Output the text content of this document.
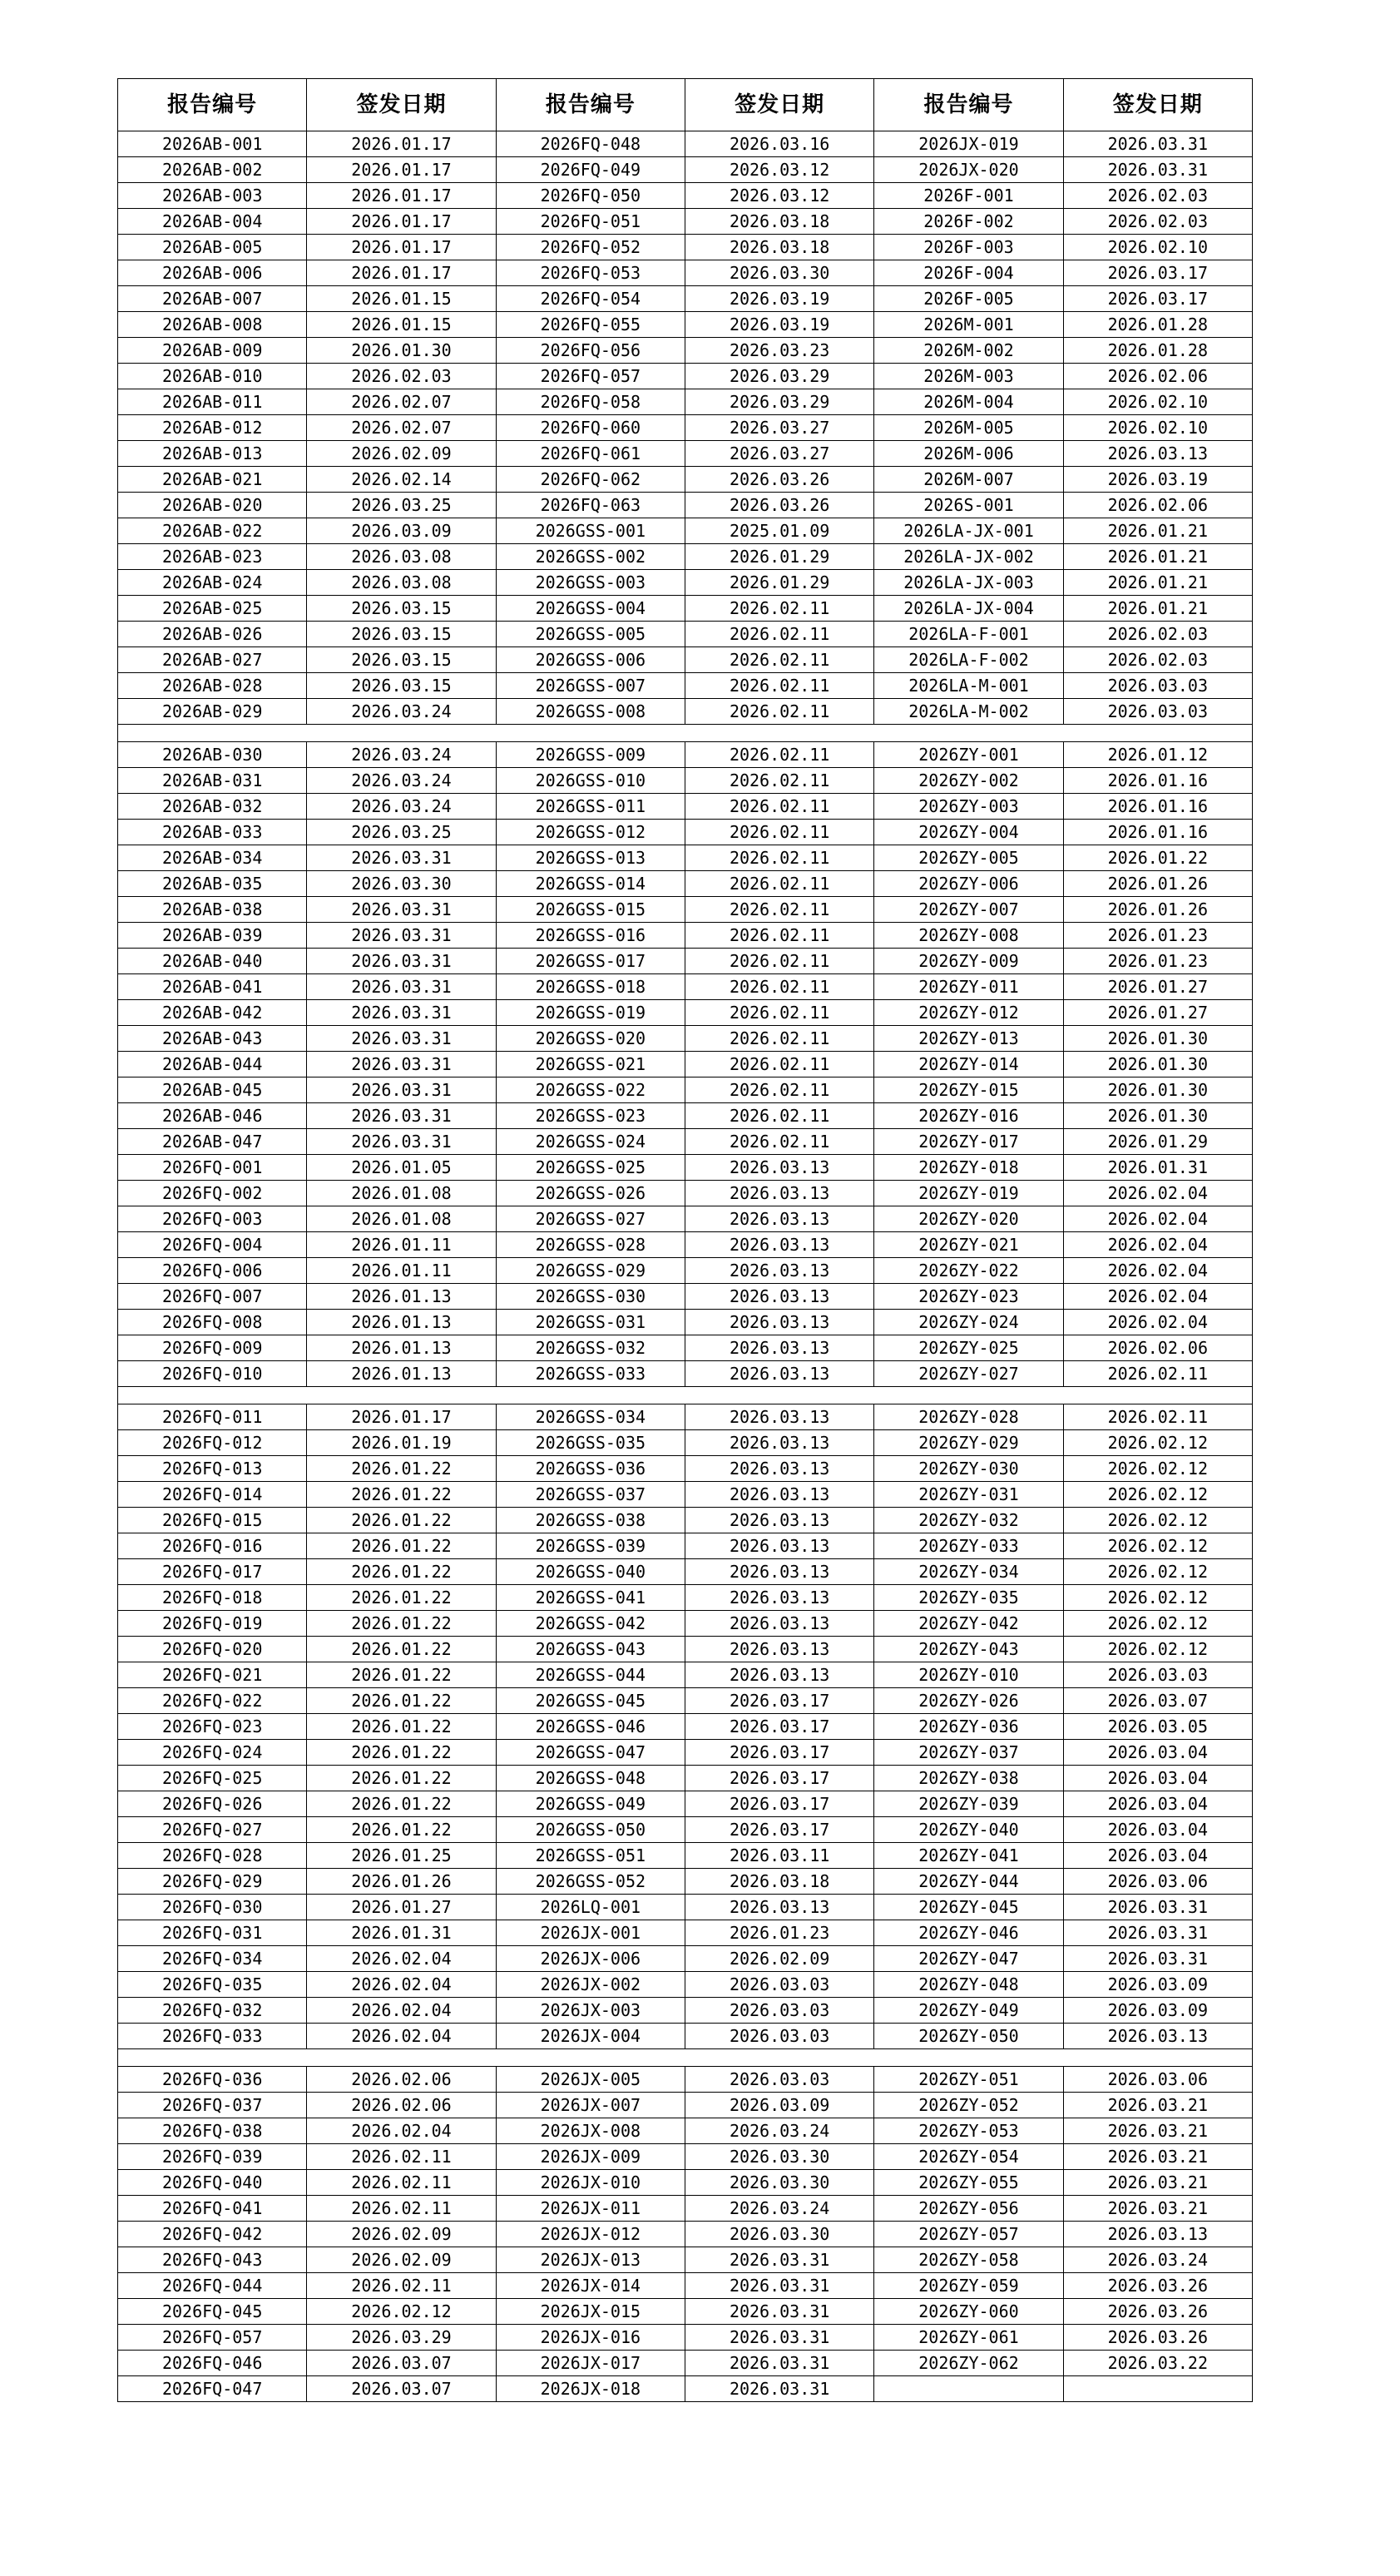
报告编号	签发日期	报告编号	签发日期	报告编号	签发日期
2026AB-001	2026.01.17	2026FQ-048	2026.03.16	2026JX-019	2026.03.31
2026AB-002	2026.01.17	2026FQ-049	2026.03.12	2026JX-020	2026.03.31
2026AB-003	2026.01.17	2026FQ-050	2026.03.12	2026F-001	2026.02.03
2026AB-004	2026.01.17	2026FQ-051	2026.03.18	2026F-002	2026.02.03
2026AB-005	2026.01.17	2026FQ-052	2026.03.18	2026F-003	2026.02.10
2026AB-006	2026.01.17	2026FQ-053	2026.03.30	2026F-004	2026.03.17
2026AB-007	2026.01.15	2026FQ-054	2026.03.19	2026F-005	2026.03.17
2026AB-008	2026.01.15	2026FQ-055	2026.03.19	2026M-001	2026.01.28
2026AB-009	2026.01.30	2026FQ-056	2026.03.23	2026M-002	2026.01.28
2026AB-010	2026.02.03	2026FQ-057	2026.03.29	2026M-003	2026.02.06
2026AB-011	2026.02.07	2026FQ-058	2026.03.29	2026M-004	2026.02.10
2026AB-012	2026.02.07	2026FQ-060	2026.03.27	2026M-005	2026.02.10
2026AB-013	2026.02.09	2026FQ-061	2026.03.27	2026M-006	2026.03.13
2026AB-021	2026.02.14	2026FQ-062	2026.03.26	2026M-007	2026.03.19
2026AB-020	2026.03.25	2026FQ-063	2026.03.26	2026S-001	2026.02.06
2026AB-022	2026.03.09	2026GSS-001	2025.01.09	2026LA-JX-001	2026.01.21
2026AB-023	2026.03.08	2026GSS-002	2026.01.29	2026LA-JX-002	2026.01.21
2026AB-024	2026.03.08	2026GSS-003	2026.01.29	2026LA-JX-003	2026.01.21
2026AB-025	2026.03.15	2026GSS-004	2026.02.11	2026LA-JX-004	2026.01.21
2026AB-026	2026.03.15	2026GSS-005	2026.02.11	2026LA-F-001	2026.02.03
2026AB-027	2026.03.15	2026GSS-006	2026.02.11	2026LA-F-002	2026.02.03
2026AB-028	2026.03.15	2026GSS-007	2026.02.11	2026LA-M-001	2026.03.03
2026AB-029	2026.03.24	2026GSS-008	2026.02.11	2026LA-M-002	2026.03.03

2026AB-030	2026.03.24	2026GSS-009	2026.02.11	2026ZY-001	2026.01.12
2026AB-031	2026.03.24	2026GSS-010	2026.02.11	2026ZY-002	2026.01.16
2026AB-032	2026.03.24	2026GSS-011	2026.02.11	2026ZY-003	2026.01.16
2026AB-033	2026.03.25	2026GSS-012	2026.02.11	2026ZY-004	2026.01.16
2026AB-034	2026.03.31	2026GSS-013	2026.02.11	2026ZY-005	2026.01.22
2026AB-035	2026.03.30	2026GSS-014	2026.02.11	2026ZY-006	2026.01.26
2026AB-038	2026.03.31	2026GSS-015	2026.02.11	2026ZY-007	2026.01.26
2026AB-039	2026.03.31	2026GSS-016	2026.02.11	2026ZY-008	2026.01.23
2026AB-040	2026.03.31	2026GSS-017	2026.02.11	2026ZY-009	2026.01.23
2026AB-041	2026.03.31	2026GSS-018	2026.02.11	2026ZY-011	2026.01.27
2026AB-042	2026.03.31	2026GSS-019	2026.02.11	2026ZY-012	2026.01.27
2026AB-043	2026.03.31	2026GSS-020	2026.02.11	2026ZY-013	2026.01.30
2026AB-044	2026.03.31	2026GSS-021	2026.02.11	2026ZY-014	2026.01.30
2026AB-045	2026.03.31	2026GSS-022	2026.02.11	2026ZY-015	2026.01.30
2026AB-046	2026.03.31	2026GSS-023	2026.02.11	2026ZY-016	2026.01.30
2026AB-047	2026.03.31	2026GSS-024	2026.02.11	2026ZY-017	2026.01.29
2026FQ-001	2026.01.05	2026GSS-025	2026.03.13	2026ZY-018	2026.01.31
2026FQ-002	2026.01.08	2026GSS-026	2026.03.13	2026ZY-019	2026.02.04
2026FQ-003	2026.01.08	2026GSS-027	2026.03.13	2026ZY-020	2026.02.04
2026FQ-004	2026.01.11	2026GSS-028	2026.03.13	2026ZY-021	2026.02.04
2026FQ-006	2026.01.11	2026GSS-029	2026.03.13	2026ZY-022	2026.02.04
2026FQ-007	2026.01.13	2026GSS-030	2026.03.13	2026ZY-023	2026.02.04
2026FQ-008	2026.01.13	2026GSS-031	2026.03.13	2026ZY-024	2026.02.04
2026FQ-009	2026.01.13	2026GSS-032	2026.03.13	2026ZY-025	2026.02.06
2026FQ-010	2026.01.13	2026GSS-033	2026.03.13	2026ZY-027	2026.02.11

2026FQ-011	2026.01.17	2026GSS-034	2026.03.13	2026ZY-028	2026.02.11
2026FQ-012	2026.01.19	2026GSS-035	2026.03.13	2026ZY-029	2026.02.12
2026FQ-013	2026.01.22	2026GSS-036	2026.03.13	2026ZY-030	2026.02.12
2026FQ-014	2026.01.22	2026GSS-037	2026.03.13	2026ZY-031	2026.02.12
2026FQ-015	2026.01.22	2026GSS-038	2026.03.13	2026ZY-032	2026.02.12
2026FQ-016	2026.01.22	2026GSS-039	2026.03.13	2026ZY-033	2026.02.12
2026FQ-017	2026.01.22	2026GSS-040	2026.03.13	2026ZY-034	2026.02.12
2026FQ-018	2026.01.22	2026GSS-041	2026.03.13	2026ZY-035	2026.02.12
2026FQ-019	2026.01.22	2026GSS-042	2026.03.13	2026ZY-042	2026.02.12
2026FQ-020	2026.01.22	2026GSS-043	2026.03.13	2026ZY-043	2026.02.12
2026FQ-021	2026.01.22	2026GSS-044	2026.03.13	2026ZY-010	2026.03.03
2026FQ-022	2026.01.22	2026GSS-045	2026.03.17	2026ZY-026	2026.03.07
2026FQ-023	2026.01.22	2026GSS-046	2026.03.17	2026ZY-036	2026.03.05
2026FQ-024	2026.01.22	2026GSS-047	2026.03.17	2026ZY-037	2026.03.04
2026FQ-025	2026.01.22	2026GSS-048	2026.03.17	2026ZY-038	2026.03.04
2026FQ-026	2026.01.22	2026GSS-049	2026.03.17	2026ZY-039	2026.03.04
2026FQ-027	2026.01.22	2026GSS-050	2026.03.17	2026ZY-040	2026.03.04
2026FQ-028	2026.01.25	2026GSS-051	2026.03.11	2026ZY-041	2026.03.04
2026FQ-029	2026.01.26	2026GSS-052	2026.03.18	2026ZY-044	2026.03.06
2026FQ-030	2026.01.27	2026LQ-001	2026.03.13	2026ZY-045	2026.03.31
2026FQ-031	2026.01.31	2026JX-001	2026.01.23	2026ZY-046	2026.03.31
2026FQ-034	2026.02.04	2026JX-006	2026.02.09	2026ZY-047	2026.03.31
2026FQ-035	2026.02.04	2026JX-002	2026.03.03	2026ZY-048	2026.03.09
2026FQ-032	2026.02.04	2026JX-003	2026.03.03	2026ZY-049	2026.03.09
2026FQ-033	2026.02.04	2026JX-004	2026.03.03	2026ZY-050	2026.03.13

2026FQ-036	2026.02.06	2026JX-005	2026.03.03	2026ZY-051	2026.03.06
2026FQ-037	2026.02.06	2026JX-007	2026.03.09	2026ZY-052	2026.03.21
2026FQ-038	2026.02.04	2026JX-008	2026.03.24	2026ZY-053	2026.03.21
2026FQ-039	2026.02.11	2026JX-009	2026.03.30	2026ZY-054	2026.03.21
2026FQ-040	2026.02.11	2026JX-010	2026.03.30	2026ZY-055	2026.03.21
2026FQ-041	2026.02.11	2026JX-011	2026.03.24	2026ZY-056	2026.03.21
2026FQ-042	2026.02.09	2026JX-012	2026.03.30	2026ZY-057	2026.03.13
2026FQ-043	2026.02.09	2026JX-013	2026.03.31	2026ZY-058	2026.03.24
2026FQ-044	2026.02.11	2026JX-014	2026.03.31	2026ZY-059	2026.03.26
2026FQ-045	2026.02.12	2026JX-015	2026.03.31	2026ZY-060	2026.03.26
2026FQ-057	2026.03.29	2026JX-016	2026.03.31	2026ZY-061	2026.03.26
2026FQ-046	2026.03.07	2026JX-017	2026.03.31	2026ZY-062	2026.03.22
2026FQ-047	2026.03.07	2026JX-018	2026.03.31		
